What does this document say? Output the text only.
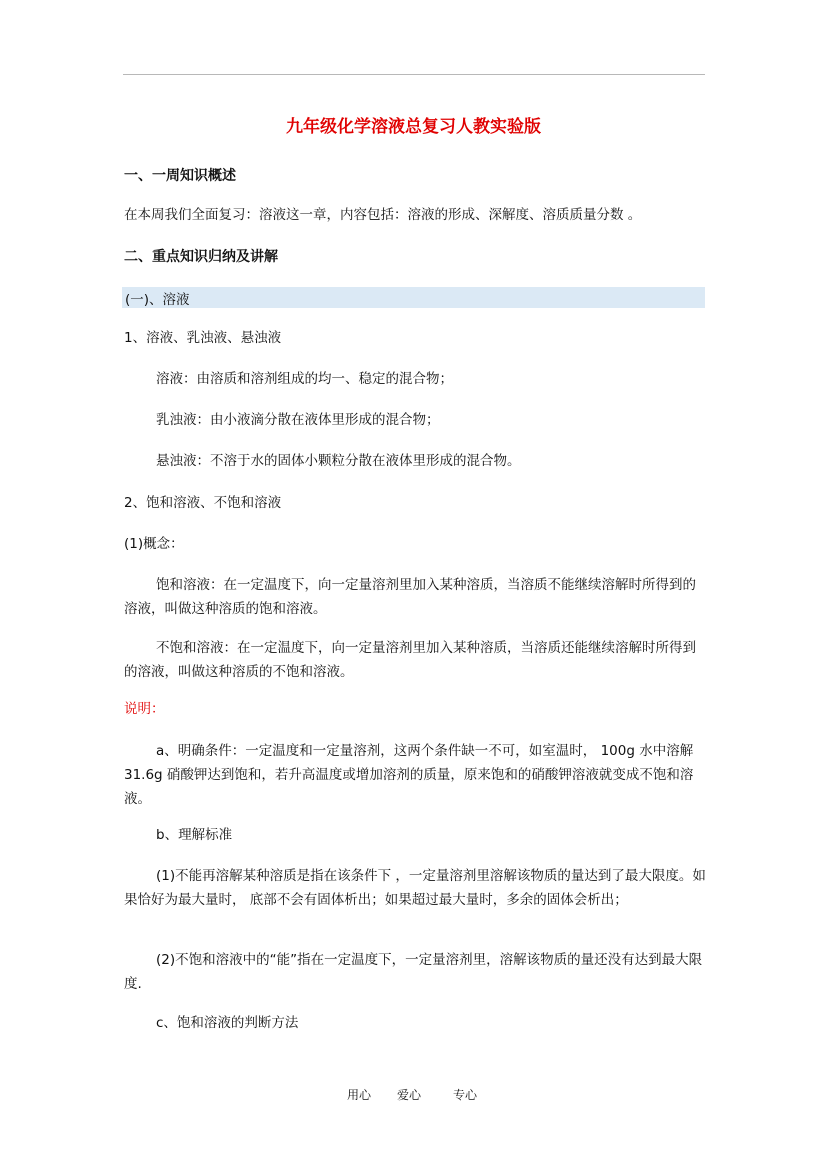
九年级化学溶液总复习人教实验版
一、一周知识概述
在本周我们全面复习：溶液这一章，内容包括：溶液的形成、深解度、溶质质量分数 。
二、重点知识归纳及讲解
(一)、溶液
1、溶液、乳浊液、悬浊液
溶液：由溶质和溶剂组成的均一、稳定的混合物；
乳浊液：由小液滴分散在液体里形成的混合物；
悬浊液：不溶于水的固体小颗粒分散在液体里形成的混合物。
2、饱和溶液、不饱和溶液
(1)概念：
饱和溶液：在一定温度下，向一定量溶剂里加入某种溶质，当溶质不能继续溶解时所得到的溶液，叫做这种溶质的饱和溶液。
不饱和溶液：在一定温度下，向一定量溶剂里加入某种溶质，当溶质还能继续溶解时所得到的溶液，叫做这种溶质的不饱和溶液。
说明：
a、明确条件：一定温度和一定量溶剂，这两个条件缺一不可，如室温时， 100g 水中溶解 31.6g 硝酸钾达到饱和，若升高温度或增加溶剂的质量，原来饱和的硝酸钾溶液就变成不饱和溶液。
b、理解标准
(1)不能再溶解某种溶质是指在该条件下 ，一定量溶剂里溶解该物质的量达到了最大限度。如果恰好为最大量时， 底部不会有固体析出；如果超过最大量时，多余的固体会析出；
(2)不饱和溶液中的“能”指在一定温度下，一定量溶剂里，溶解该物质的量还没有达到最大限度.
c、饱和溶液的判断方法
用心 爱心	专心
